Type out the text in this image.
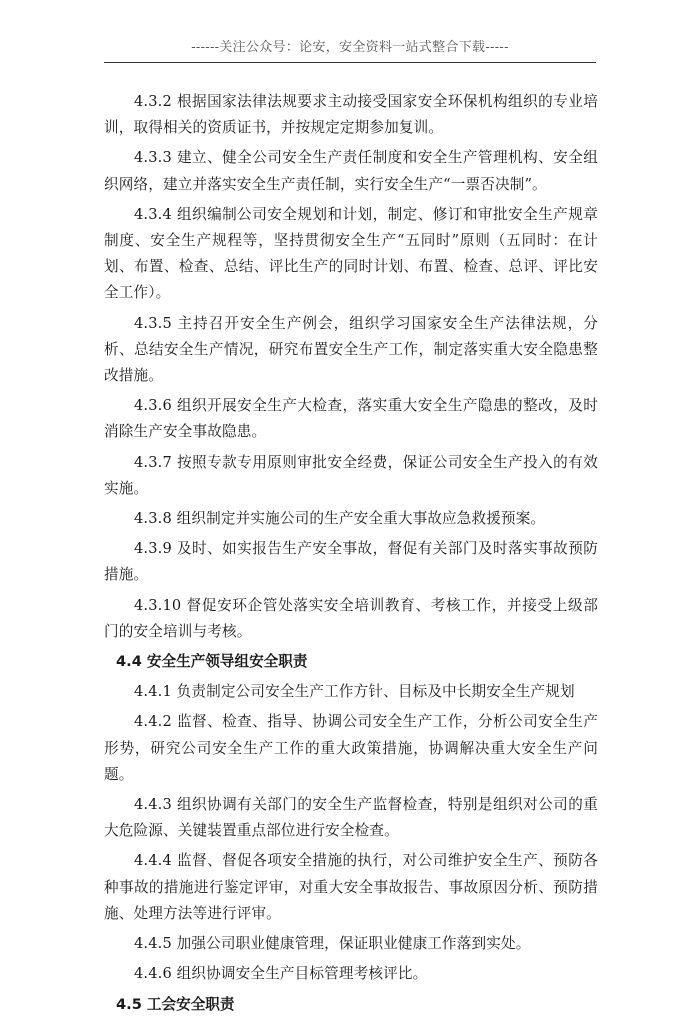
------关注公众号：论安，安全资料一站式整合下载-----

4.3.2 根据国家法律法规要求主动接受国家安全环保机构组织的专业培训，取得相关的资质证书，并按规定定期参加复训。

4.3.3 建立、健全公司安全生产责任制度和安全生产管理机构、安全组织网络，建立并落实安全生产责任制，实行安全生产“一票否决制”。

4.3.4 组织编制公司安全规划和计划，制定、修订和审批安全生产规章制度、安全生产规程等，坚持贯彻安全生产“五同时”原则（五同时：在计划、布置、检查、总结、评比生产的同时计划、布置、检查、总评、评比安全工作）。

4.3.5 主持召开安全生产例会，组织学习国家安全生产法律法规，分析、总结安全生产情况，研究布置安全生产工作，制定落实重大安全隐患整改措施。

4.3.6 组织开展安全生产大检查，落实重大安全生产隐患的整改，及时消除生产安全事故隐患。

4.3.7 按照专款专用原则审批安全经费，保证公司安全生产投入的有效实施。

4.3.8 组织制定并实施公司的生产安全重大事故应急救援预案。

4.3.9 及时、如实报告生产安全事故，督促有关部门及时落实事故预防措施。

4.3.10 督促安环企管处落实安全培训教育、考核工作，并接受上级部门的安全培训与考核。

4.4 安全生产领导组安全职责

4.4.1 负责制定公司安全生产工作方针、目标及中长期安全生产规划

4.4.2 监督、检查、指导、协调公司安全生产工作，分析公司安全生产形势，研究公司安全生产工作的重大政策措施，协调解决重大安全生产问题。

4.4.3 组织协调有关部门的安全生产监督检查，特别是组织对公司的重大危险源、关键装置重点部位进行安全检查。

4.4.4 监督、督促各项安全措施的执行，对公司维护安全生产、预防各种事故的措施进行鉴定评审，对重大安全事故报告、事故原因分析、预防措施、处理方法等进行评审。

4.4.5 加强公司职业健康管理，保证职业健康工作落到实处。

4.4.6 组织协调安全生产目标管理考核评比。

4.5 工会安全职责
